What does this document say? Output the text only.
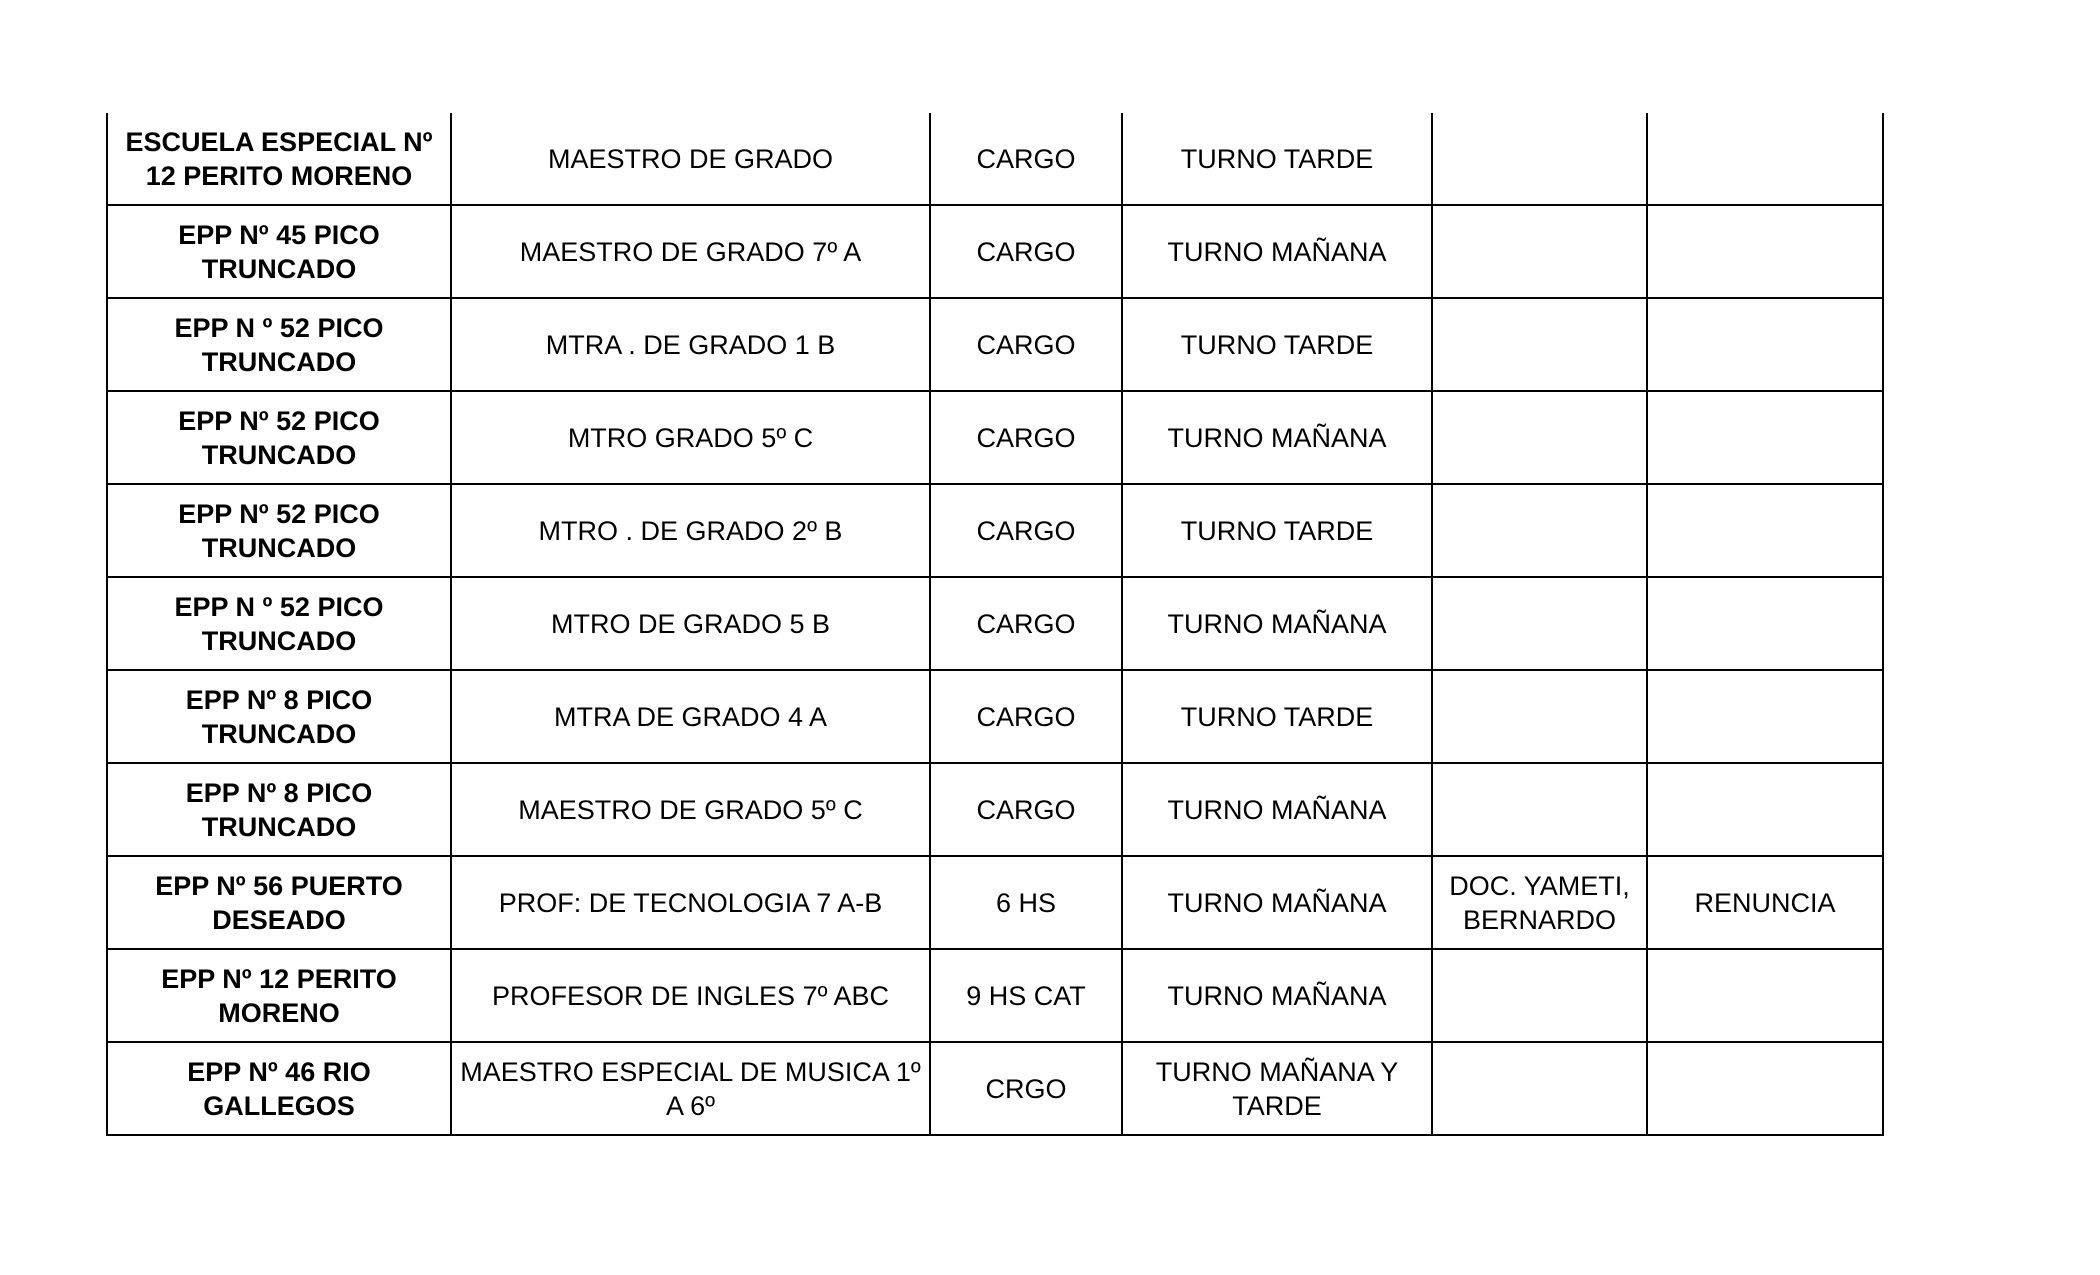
ESCUELA ESPECIAL Nº 12 PERITO MORENO	MAESTRO DE GRADO	CARGO	TURNO TARDE		
EPP Nº 45 PICO TRUNCADO	MAESTRO DE GRADO 7º A	CARGO	TURNO MAÑANA		
EPP N º 52 PICO TRUNCADO	MTRA . DE GRADO 1 B	CARGO	TURNO TARDE		
EPP Nº 52 PICO TRUNCADO	MTRO GRADO 5º C	CARGO	TURNO MAÑANA		
EPP Nº 52 PICO TRUNCADO	MTRO . DE GRADO 2º B	CARGO	TURNO TARDE		
EPP N º 52 PICO TRUNCADO	MTRO DE GRADO 5 B	CARGO	TURNO MAÑANA		
EPP Nº 8 PICO TRUNCADO	MTRA DE GRADO 4 A	CARGO	TURNO TARDE		
EPP Nº 8 PICO TRUNCADO	MAESTRO DE GRADO 5º C	CARGO	TURNO MAÑANA		
EPP Nº 56 PUERTO DESEADO	PROF: DE TECNOLOGIA 7 A-B	6 HS	TURNO MAÑANA	DOC. YAMETI, BERNARDO	RENUNCIA
EPP Nº 12 PERITO MORENO	PROFESOR DE INGLES 7º ABC	9 HS CAT	TURNO MAÑANA		
EPP Nº 46 RIO GALLEGOS	MAESTRO ESPECIAL DE MUSICA 1º A 6º	CRGO	TURNO MAÑANA Y TARDE		
